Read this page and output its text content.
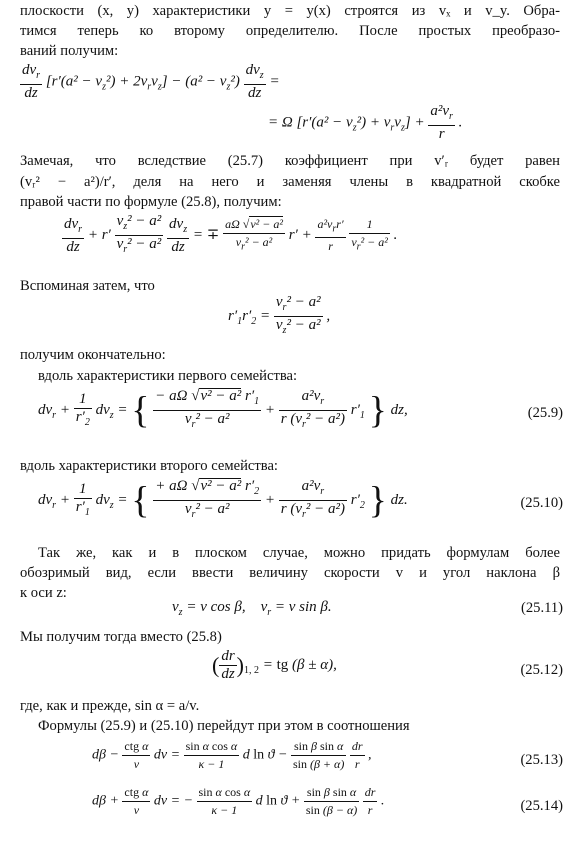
плоскости (x, y) характеристики y = y(x) строятся из vₓ и v_y. Обра-
тимся теперь ко второму определителю. После простых преобразо-
ваний получим:
$\frac{dv_r}{dz} [r'(a^2 - v_z^2) + 2v_rv_z] - (a^2 - v_z^2) \frac{dv_z}{dz}$ =
= Ω $[r'(a^2 - v_z^2) + v_rv_z] + \frac{a^2v_r}{r}$ .
Замечая, что вследствие (25.7) коэффициент при v′ᵣ будет равен
(vᵣ² − a²)/r′, деля на него и заменяя члены в квадратной скобке
правой части по формуле (25.8), получим:
$\frac{dv_r}{dz} + r' \frac{v_z^2 - a^2}{v_r^2 - a^2}$
$\frac{dv_z}{dz}$ = ∓ $\frac{\text{aΩ √v² − a²}}{v_r^2 - a^2} r' + \frac{a^2v_rr'}{r}$
$\frac{1}{v_r^2 - a^2}$ .
Вспоминая затем, что
$r'_1r'_2 = \frac{v_r^2 - a^2}{v_z^2 - a^2}$ ,
получим окончательно:
вдоль характеристики первого семейства:
$dv_r + \frac{1}{r'_2} dv_z$ = { $\frac{- a\Omega √v^2 - a^2 r'_1}{v_r^2 - a^2} + \frac{a^2v_r}{r (v_r^2 - a^2)} r'_1$ } dz,	(25.9)
вдоль характеристики второго семейства:
$dv_r + \frac{1}{r'_1} dv_z$ = { $\frac{+ a\Omega √v^2 - a^2 r'_2}{v_r^2 - a^2} + \frac{a^2v_r}{r (v_r^2 - a^2)} r'_2$ } dz.	(25.10)
Так же, как и в плоском случае, можно придать формулам более
обозримый вид, если ввести величину скорости v и угол наклона β
к оси z:
$v_z = v$ cos β,    $v_r = v$ sin β.	(25.11)
Мы получим тогда вместо (25.8)
( $\frac{dr}{dz} )_{1, 2}$ = tg (β ± α),	(25.12)
где, как и прежде, sin α = a/v.
Формулы (25.9) и (25.10) перейдут при этом в соотношения
$d\beta - \frac{\text{ctg α}}{v}$ dv = $\frac{\text{sin α cos α}}{\kappa - 1}$ d $\ln ϑ - \frac{\text{sin β sin α}}{\sin (\beta + \alpha)}$
$\frac{dr}{r}$ ,	(25.13)
$d\beta + \frac{\text{ctg α}}{v}$ dv = − $\frac{\text{sin α cos α}}{\kappa - 1}$ d $\ln ϑ + \frac{\text{sin β sin α}}{\sin (\beta - \alpha)}$
$\frac{dr}{r}$ .	(25.14)
